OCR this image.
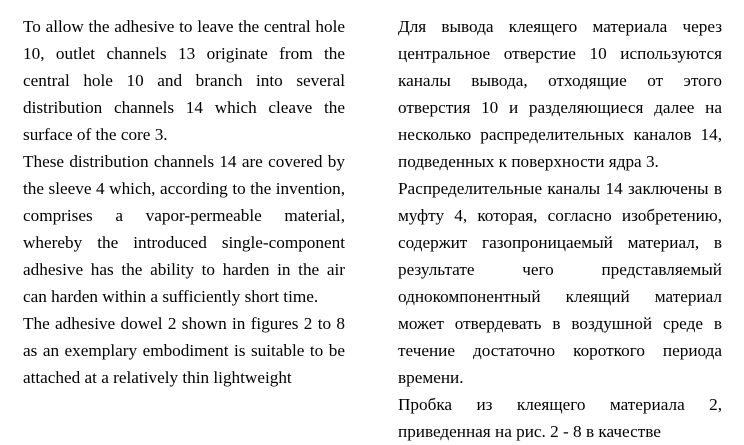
To allow the adhesive to leave the central hole 10, outlet channels 13 originate from the central hole 10 and branch into several distribution channels 14 which cleave the surface of the core 3.

These distribution channels 14 are covered by the sleeve 4 which, according to the invention, comprises a vapor-permeable material, whereby the introduced single-component adhesive has the ability to harden in the air can harden within a sufficiently short time.

The adhesive dowel 2 shown in figures 2 to 8 as an exemplary embodiment is suitable to be attached at a relatively thin lightweight

Для вывода клеящего материала через центральное отверстие 10 используются каналы вывода, отходящие от этого отверстия 10 и разделяющиеся далее на несколько распределительных каналов 14, подведенных к поверхности ядра 3.

Распределительные каналы 14 заключены в муфту 4, которая, согласно изобретению, содержит газопроницаемый материал, в результате чего представляемый однокомпонентный клеящий материал может отвердевать в воздушной среде в течение достаточно короткого периода времени.

Пробка из клеящего материала 2, приведенная на рис. 2 - 8 в качестве
